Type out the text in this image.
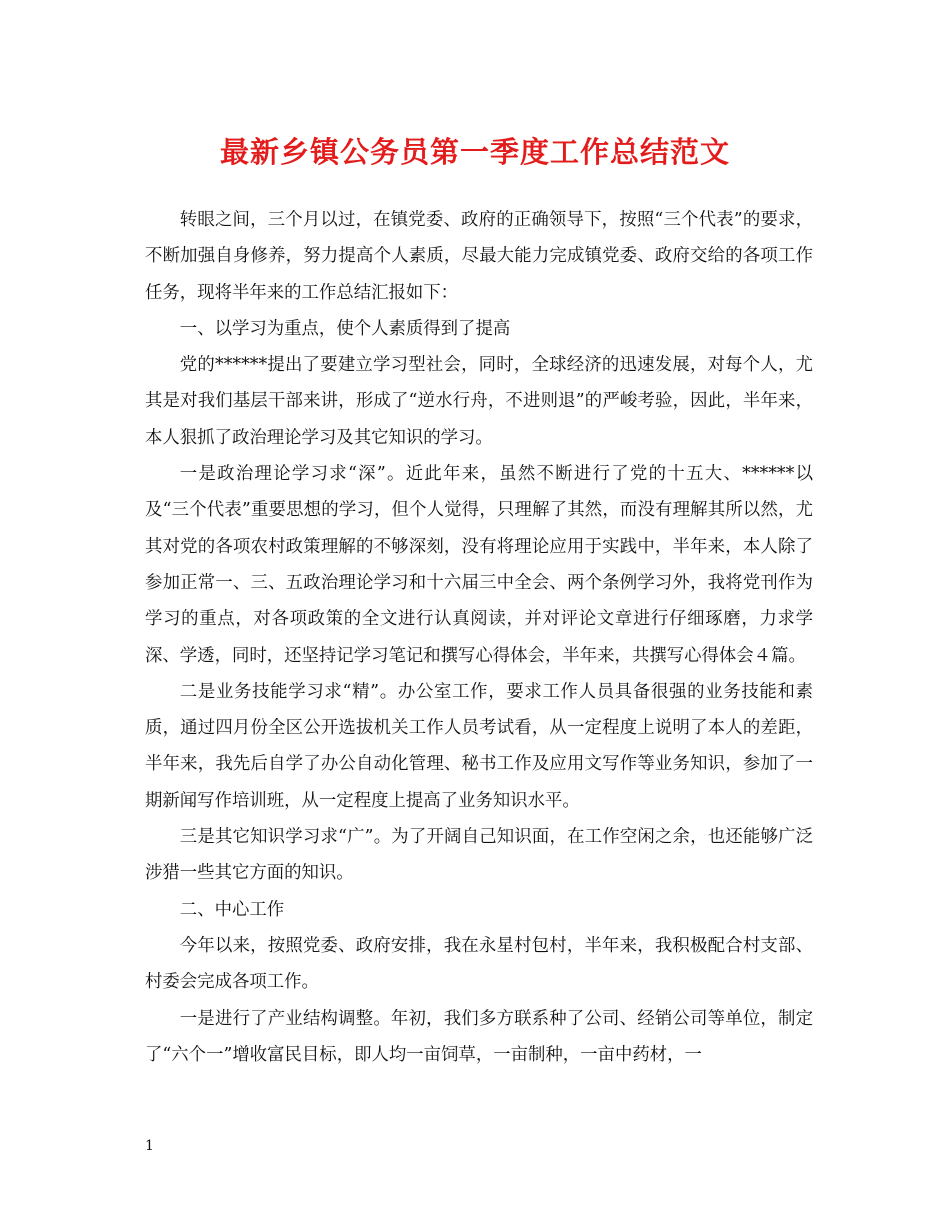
最新乡镇公务员第一季度工作总结范文

转眼之间，三个月以过，在镇党委、政府的正确领导下，按照“三个代表”的要求，不断加强自身修养，努力提高个人素质，尽最大能力完成镇党委、政府交给的各项工作任务，现将半年来的工作总结汇报如下：

一、以学习为重点，使个人素质得到了提高

党的******提出了要建立学习型社会，同时，全球经济的迅速发展，对每个人，尤其是对我们基层干部来讲，形成了“逆水行舟，不进则退”的严峻考验，因此，半年来，本人狠抓了政治理论学习及其它知识的学习。

一是政治理论学习求“深”。近此年来，虽然不断进行了党的十五大、******以及“三个代表”重要思想的学习，但个人觉得，只理解了其然，而没有理解其所以然，尤其对党的各项农村政策理解的不够深刻，没有将理论应用于实践中，半年来，本人除了参加正常一、三、五政治理论学习和十六届三中全会、两个条例学习外，我将党刊作为学习的重点，对各项政策的全文进行认真阅读，并对评论文章进行仔细琢磨，力求学深、学透，同时，还坚持记学习笔记和撰写心得体会，半年来，共撰写心得体会４篇。

二是业务技能学习求“精”。办公室工作，要求工作人员具备很强的业务技能和素质，通过四月份全区公开选拔机关工作人员考试看，从一定程度上说明了本人的差距，半年来，我先后自学了办公自动化管理、秘书工作及应用文写作等业务知识，参加了一期新闻写作培训班，从一定程度上提高了业务知识水平。

三是其它知识学习求“广”。为了开阔自己知识面，在工作空闲之余，也还能够广泛涉猎一些其它方面的知识。

二、中心工作

今年以来，按照党委、政府安排，我在永星村包村，半年来，我积极配合村支部、村委会完成各项工作。

一是进行了产业结构调整。年初，我们多方联系种了公司、经销公司等单位，制定了“六个一”增收富民目标，即人均一亩饲草，一亩制种，一亩中药材，一

1
